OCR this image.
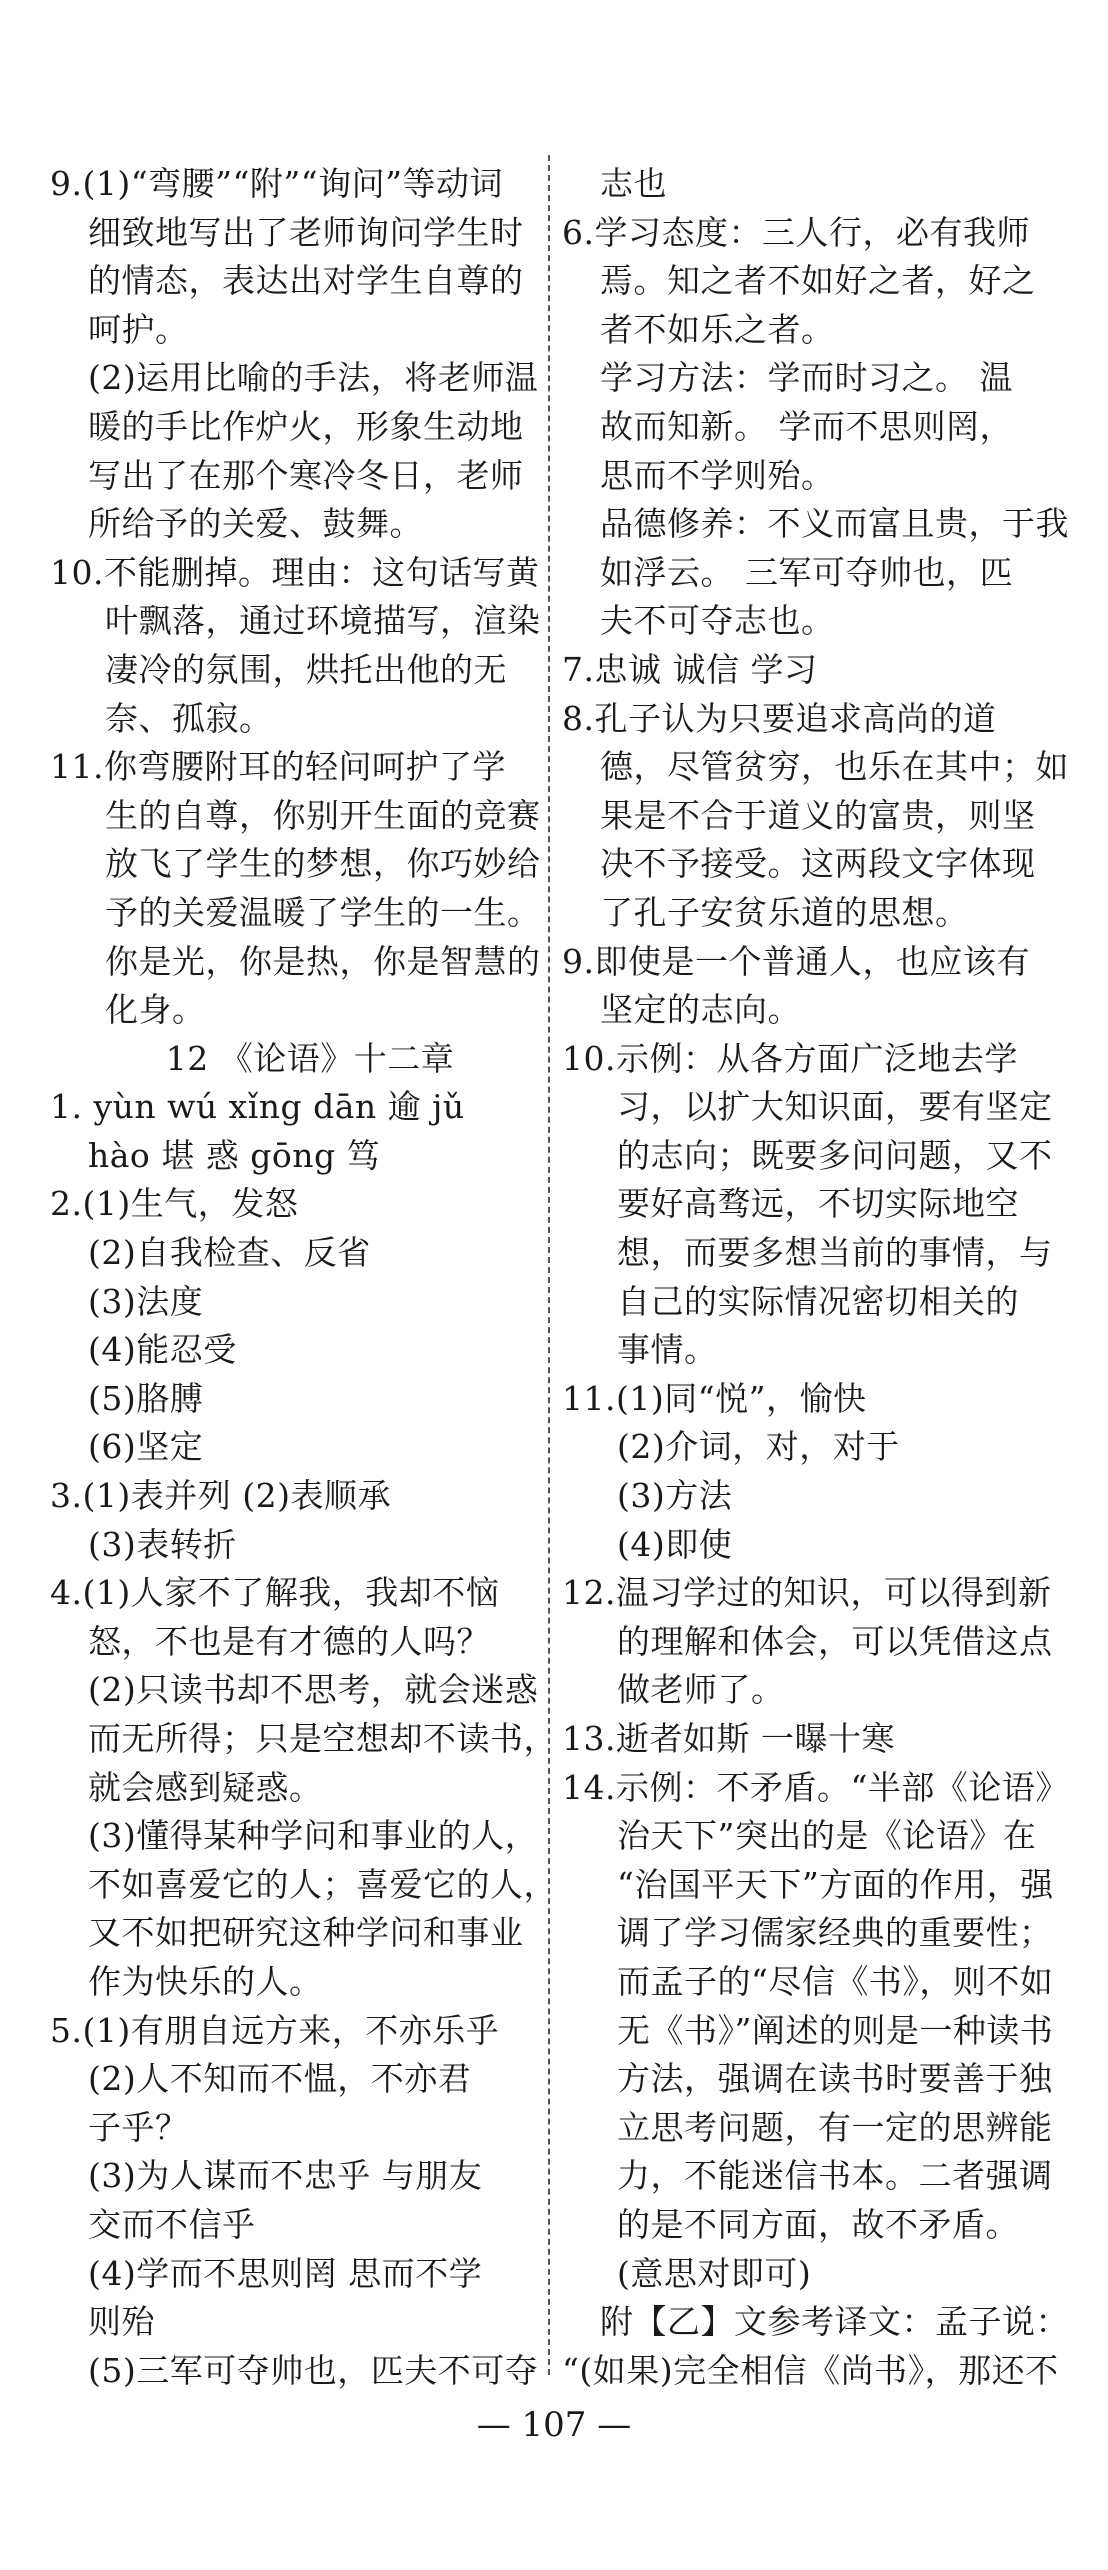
9.(1)“弯腰”“附”“询问”等动词
细致地写出了老师询问学生时
的情态，表达出对学生自尊的
呵护。
(2)运用比喻的手法，将老师温
暖的手比作炉火，形象生动地
写出了在那个寒冷冬日，老师
所给予的关爱、鼓舞。
10.不能删掉。理由：这句话写黄
叶飘落，通过环境描写，渲染
凄冷的氛围，烘托出他的无
奈、孤寂。
11.你弯腰附耳的轻问呵护了学
生的自尊，你别开生面的竞赛
放飞了学生的梦想，你巧妙给
予的关爱温暖了学生的一生。
你是光，你是热，你是智慧的
化身。
12 《论语》十二章
1. yùn wú xǐng dān 逾 jǔ
hào 堪 惑 gōng 笃
2.(1)生气，发怒
(2)自我检查、反省
(3)法度
(4)能忍受
(5)胳膊
(6)坚定
3.(1)表并列 (2)表顺承
(3)表转折
4.(1)人家不了解我，我却不恼
怒，不也是有才德的人吗？
(2)只读书却不思考，就会迷惑
而无所得；只是空想却不读书，
就会感到疑惑。
(3)懂得某种学问和事业的人，
不如喜爱它的人；喜爱它的人，
又不如把研究这种学问和事业
作为快乐的人。
5.(1)有朋自远方来，不亦乐乎
(2)人不知而不愠，不亦君
子乎？
(3)为人谋而不忠乎 与朋友
交而不信乎
(4)学而不思则罔 思而不学
则殆
(5)三军可夺帅也，匹夫不可夺
志也
6.学习态度：三人行，必有我师
焉。知之者不如好之者，好之
者不如乐之者。
学习方法：学而时习之。 温
故而知新。 学而不思则罔，
思而不学则殆。
品德修养：不义而富且贵，于我
如浮云。 三军可夺帅也，匹
夫不可夺志也。
7.忠诚 诚信 学习
8.孔子认为只要追求高尚的道
德，尽管贫穷，也乐在其中；如
果是不合于道义的富贵，则坚
决不予接受。这两段文字体现
了孔子安贫乐道的思想。
9.即使是一个普通人，也应该有
坚定的志向。
10.示例：从各方面广泛地去学
习，以扩大知识面，要有坚定
的志向；既要多问问题，又不
要好高骛远，不切实际地空
想，而要多想当前的事情，与
自己的实际情况密切相关的
事情。
11.(1)同“悦”，愉快
(2)介词，对，对于
(3)方法
(4)即使
12.温习学过的知识，可以得到新
的理解和体会，可以凭借这点
做老师了。
13.逝者如斯 一曝十寒
14.示例：不矛盾。“半部《论语》
治天下”突出的是《论语》在
“治国平天下”方面的作用，强
调了学习儒家经典的重要性；
而孟子的“尽信《书》，则不如
无《书》”阐述的则是一种读书
方法，强调在读书时要善于独
立思考问题，有一定的思辨能
力，不能迷信书本。二者强调
的是不同方面，故不矛盾。
(意思对即可)
附【乙】文参考译文：孟子说：
“(如果)完全相信《尚书》，那还不
— 107 —
